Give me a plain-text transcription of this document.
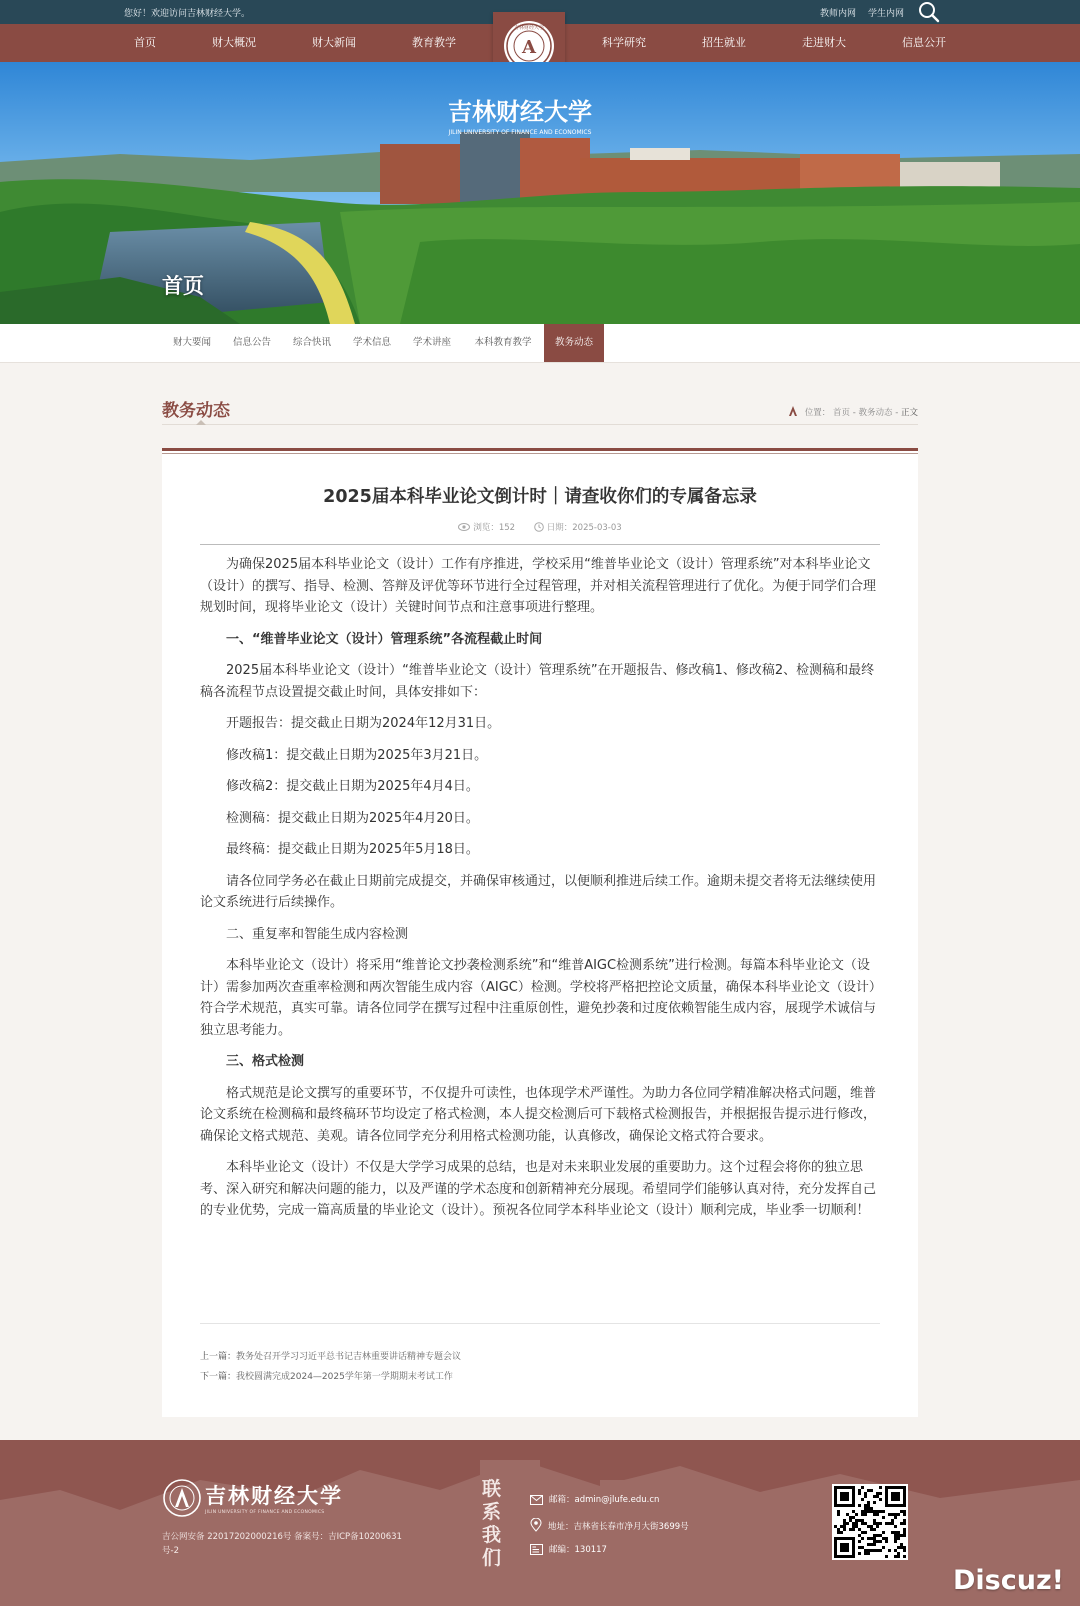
您好！欢迎访问吉林财经大学。	教师内网 学生内网
首页	财大概况	财大新闻	教育教学	科学研究	招生就业	走进财大	信息公开
吉林财经大学
A
吉林财经大学
JILIN UNIVERSITY OF FINANCE AND ECONOMICS
首页
财大要闻	信息公告	综合快讯	学术信息	学术讲座	本科教育教学	教务动态
教务动态	位置： 首页 - 教务动态 - 正文
2025届本科毕业论文倒计时｜请查收你们的专属备忘录
浏览：152	日期：2025-03-03

为确保2025届本科毕业论文（设计）工作有序推进，学校采用“维普毕业论文（设计）管理系统”对本科毕业论文（设计）的撰写、指导、检测、答辩及评优等环节进行全过程管理，并对相关流程管理进行了优化。为便于同学们合理规划时间，现将毕业论文（设计）关键时间节点和注意事项进行整理。

一、“维普毕业论文（设计）管理系统”各流程截止时间

2025届本科毕业论文（设计）“维普毕业论文（设计）管理系统”在开题报告、修改稿1、修改稿2、检测稿和最终稿各流程节点设置提交截止时间，具体安排如下：

开题报告：提交截止日期为2024年12月31日。

修改稿1：提交截止日期为2025年3月21日。

修改稿2：提交截止日期为2025年4月4日。

检测稿：提交截止日期为2025年4月20日。

最终稿：提交截止日期为2025年5月18日。

请各位同学务必在截止日期前完成提交，并确保审核通过，以便顺利推进后续工作。逾期未提交者将无法继续使用论文系统进行后续操作。

二、重复率和智能生成内容检测

本科毕业论文（设计）将采用“维普论文抄袭检测系统”和“维普AIGC检测系统”进行检测。每篇本科毕业论文（设计）需参加两次查重率检测和两次智能生成内容（AIGC）检测。学校将严格把控论文质量，确保本科毕业论文（设计）符合学术规范，真实可靠。请各位同学在撰写过程中注重原创性，避免抄袭和过度依赖智能生成内容，展现学术诚信与独立思考能力。

三、格式检测

格式规范是论文撰写的重要环节，不仅提升可读性，也体现学术严谨性。为助力各位同学精准解决格式问题，维普论文系统在检测稿和最终稿环节均设定了格式检测，本人提交检测后可下载格式检测报告，并根据报告提示进行修改，确保论文格式规范、美观。请各位同学充分利用格式检测功能，认真修改，确保论文格式符合要求。

本科毕业论文（设计）不仅是大学学习成果的总结，也是对未来职业发展的重要助力。这个过程会将你的独立思考、深入研究和解决问题的能力，以及严谨的学术态度和创新精神充分展现。希望同学们能够认真对待，充分发挥自己的专业优势，完成一篇高质量的毕业论文（设计）。预祝各位同学本科毕业论文（设计）顺利完成，毕业季一切顺利！

上一篇：教务处召开学习习近平总书记吉林重要讲话精神专题会议
下一篇：我校圆满完成2024—2025学年第一学期期末考试工作
吉林财经大学
JILIN UNIVERSITY OF FINANCE AND ECONOMICS
吉公网安备 22017202000216号 备案号：吉ICP备10200631号-2
联系我们
邮箱：admin@jlufe.edu.cn
地址：吉林省长春市净月大街3699号
邮编：130117
Discuz!
